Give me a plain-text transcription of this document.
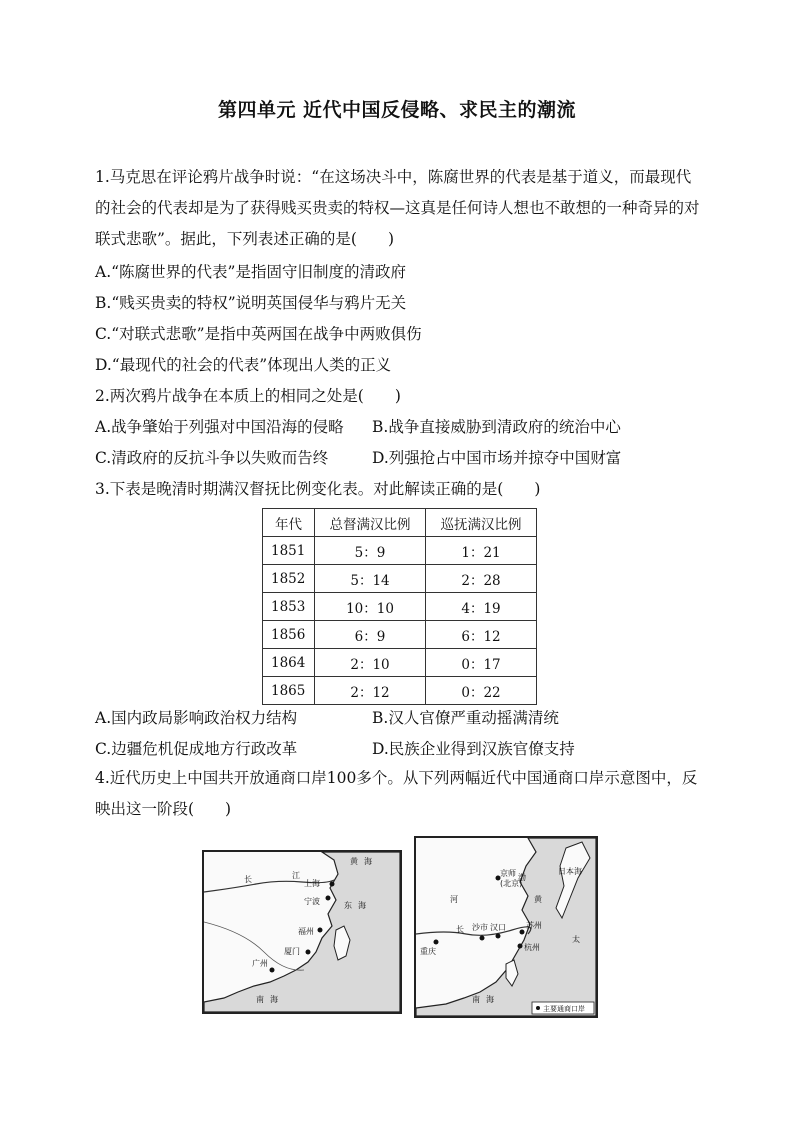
第四单元 近代中国反侵略、求民主的潮流
1.马克思在评论鸦片战争时说：“在这场决斗中，陈腐世界的代表是基于道义，而最现代的社会的代表却是为了获得贱买贵卖的特权—这真是任何诗人想也不敢想的一种奇异的对联式悲歌”。据此，下列表述正确的是(　　)
A.“陈腐世界的代表”是指固守旧制度的清政府
B.“贱买贵卖的特权”说明英国侵华与鸦片无关
C.“对联式悲歌”是指中英两国在战争中两败俱伤
D.“最现代的社会的代表”体现出人类的正义
2.两次鸦片战争在本质上的相同之处是(　　)
A.战争肇始于列强对中国沿海的侵略 B.战争直接威胁到清政府的统治中心
C.清政府的反抗斗争以失败而告终	D.列强抢占中国市场并掠夺中国财富
3.下表是晚清时期满汉督抚比例变化表。对此解读正确的是(　　)
年代	总督满汉比例	巡抚满汉比例
1851	5：9	1：21
1852	5：14	2：28
1853	10：10	4：19
1856	6：9	6：12
1864	2：10	0：17
1865	2：12	0：22
A.国内政局影响政治权力结构	B.汉人官僚严重动摇满清统
C.边疆危机促成地方行政改革	D.民族企业得到汉族官僚支持
4.近代历史上中国共开放通商口岸100多个。从下列两幅近代中国通商口岸示意图中，反映出这一阶段(　　)
黄 海
长	江
上海
宁波	东 海
福州
厦门
广州
南 海
京师
(北京)
日本海
黄
渤
河
重庆
长 沙市 汉口	苏州
杭州
太
南 海
主要通商口岸
